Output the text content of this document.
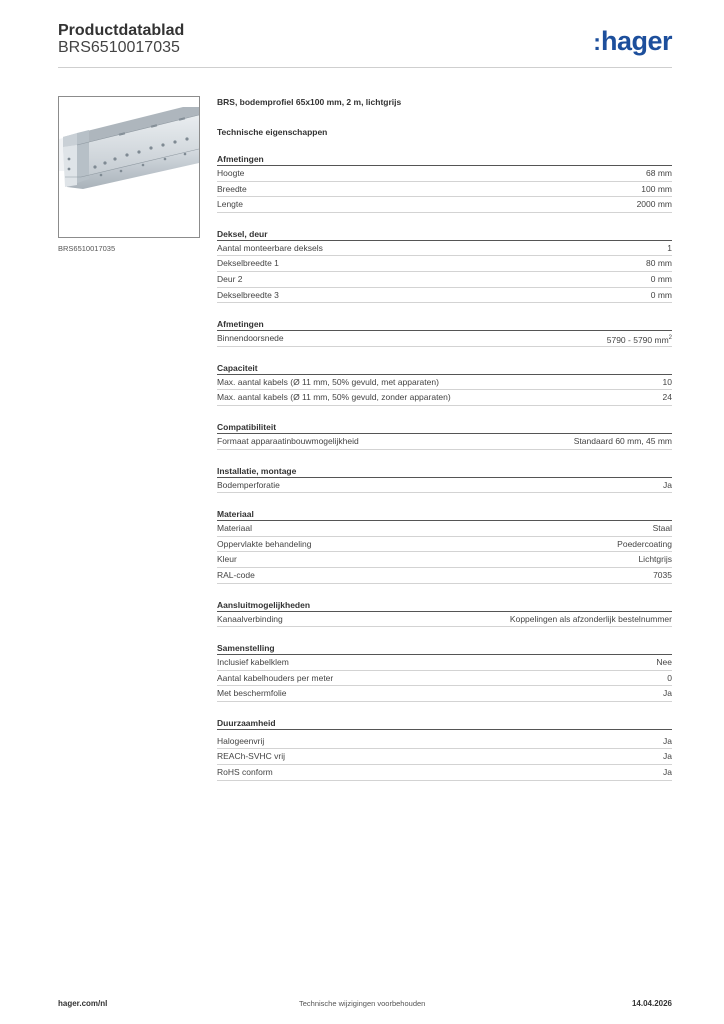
Productdatablad
BRS6510017035	:hager
BRS6510017035
BRS, bodemprofiel 65x100 mm, 2 m, lichtgrijs
Technische eigenschappen
Afmetingen
Hoogte	68 mm
Breedte	100 mm
Lengte	2000 mm
Deksel, deur
Aantal monteerbare deksels	1
Dekselbreedte 1	80 mm
Deur 2	0 mm
Dekselbreedte 3	0 mm
Afmetingen
Binnendoorsnede	5790 - 5790 $mm^2$
Capaciteit
Max. aantal kabels (Ø 11 mm, 50% gevuld, met apparaten)	10
Max. aantal kabels (Ø 11 mm, 50% gevuld, zonder apparaten)	24
Compatibiliteit
Formaat apparaatinbouwmogelijkheid	Standaard 60 mm, 45 mm
Installatie, montage
Bodemperforatie	Ja
Materiaal
Materiaal	Staal
Oppervlakte behandeling	Poedercoating
Kleur	Lichtgrijs
RAL-code	7035
Aansluitmogelijkheden
Kanaalverbinding	Koppelingen als afzonderlijk bestelnummer
Samenstelling
Inclusief kabelklem	Nee
Aantal kabelhouders per meter	0
Met beschermfolie	Ja
Duurzaamheid
Halogeenvrij	Ja
REACh-SVHC vrij	Ja
RoHS conform	Ja
hager.com/nl	Technische wijzigingen voorbehouden	14.04.2026
